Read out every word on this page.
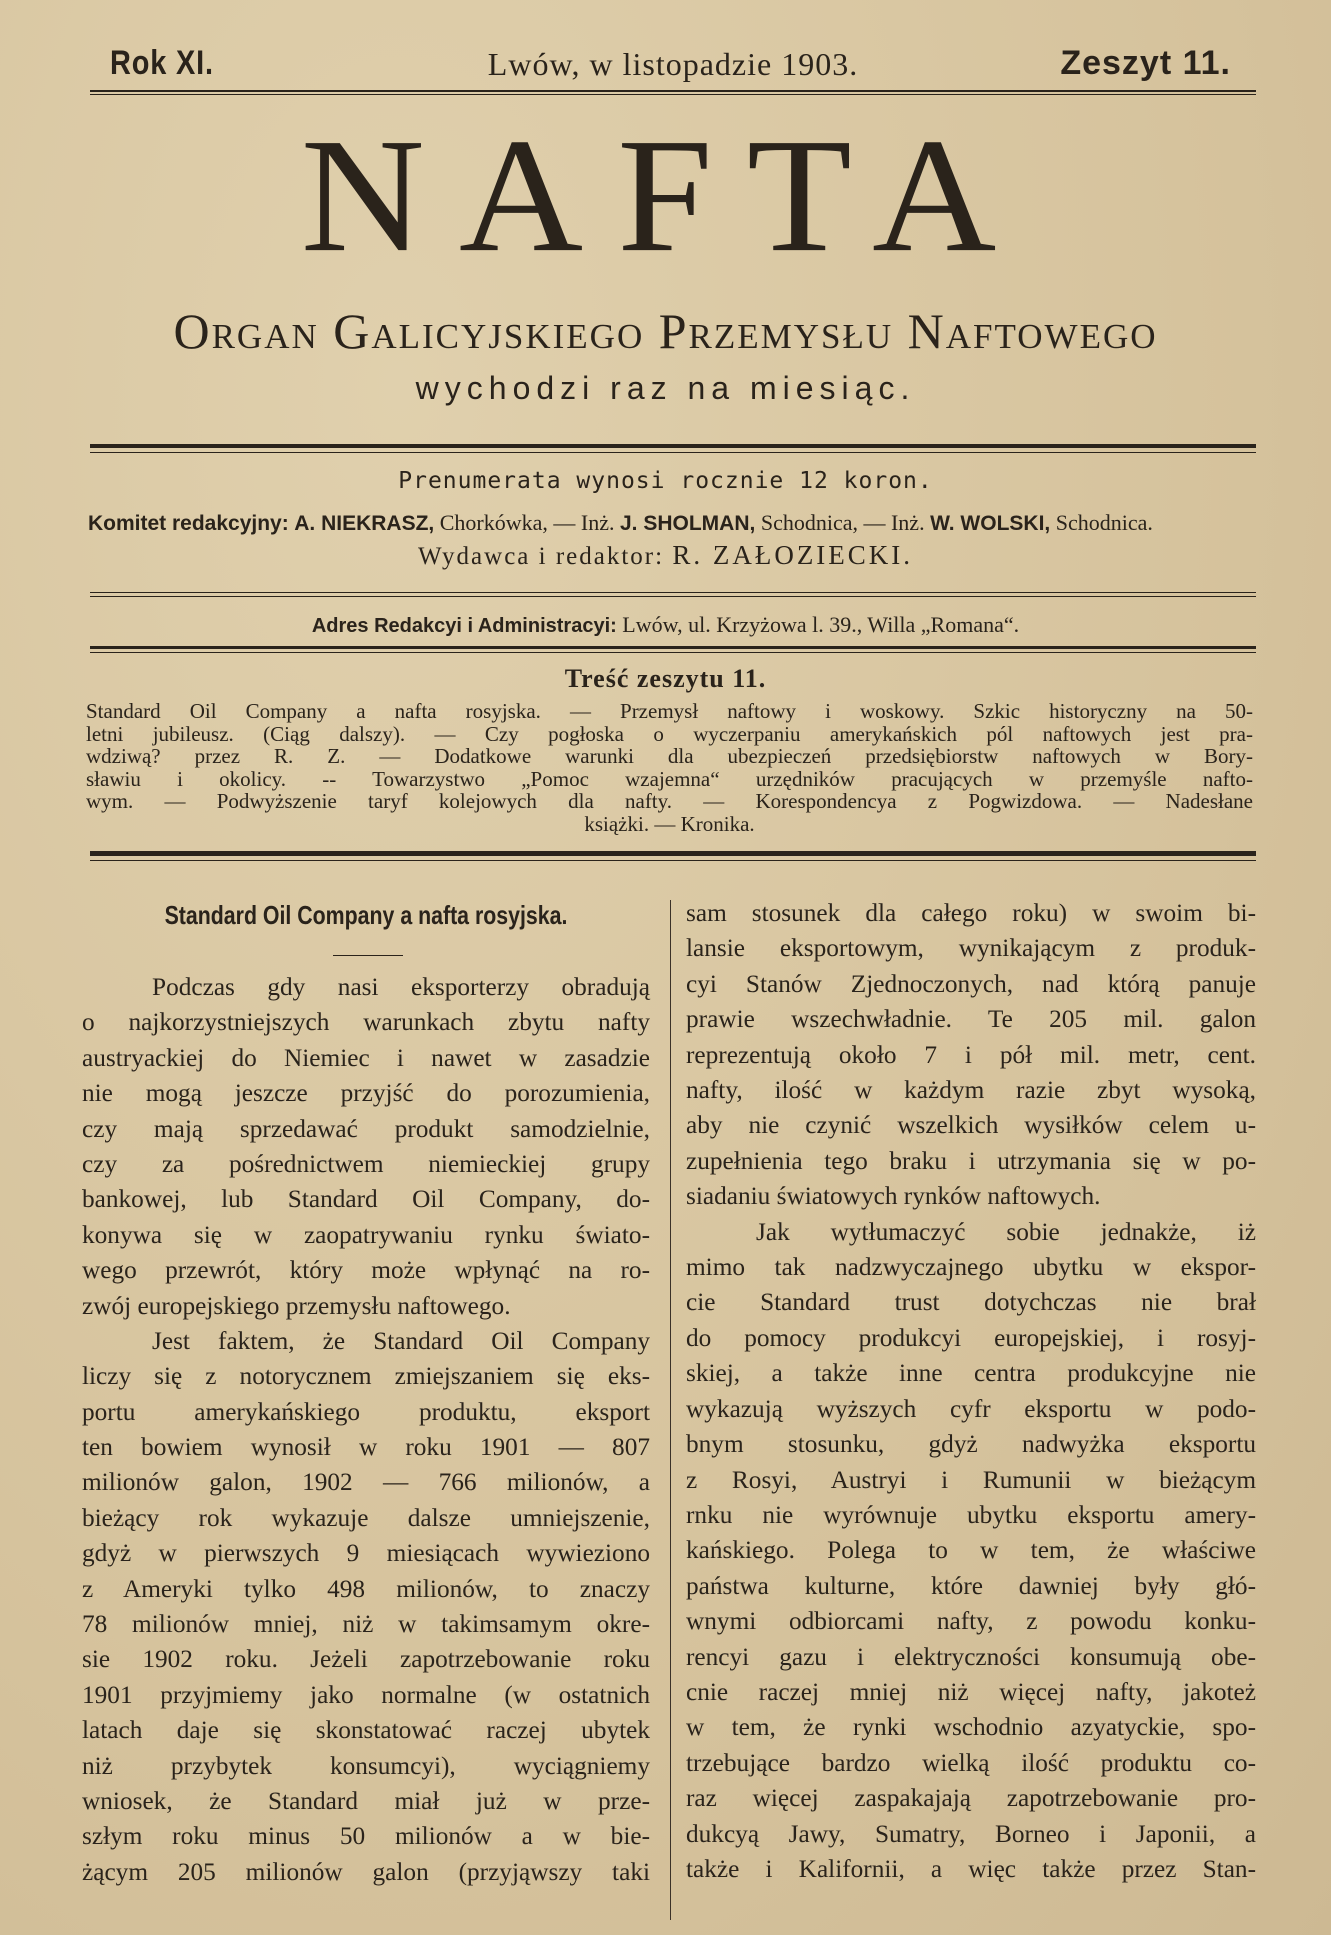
Rok XI.	Lwów, w listopadzie 1903.	Zeszyt 11.
NAFTA
Organ Galicyjskiego Przemysłu Naftowego
wychodzi raz na miesiąc.
Prenumerata wynosi rocznie 12 koron.
Komitet redakcyjny: A. NIEKRASZ, Chorkówka, — Inż. J. SHOLMAN, Schodnica, — Inż. W. WOLSKI, Schodnica.
Wydawca i redaktor: R. ZAŁOZIECKI.
Adres Redakcyi i Administracyi: Lwów, ul. Krzyżowa l. 39., Willa „Romana“.
Treść zeszytu 11.
Standard Oil Company a nafta rosyjska. — Przemysł naftowy i woskowy. Szkic historyczny na 50-
letni jubileusz. (Ciąg dalszy). — Czy pogłoska o wyczerpaniu amerykańskich pól naftowych jest pra-
wdziwą? przez R. Z. — Dodatkowe warunki dla ubezpieczeń przedsiębiorstw naftowych w Bory-
sławiu i okolicy. -- Towarzystwo „Pomoc wzajemna“ urzędników pracujących w przemyśle nafto-
wym. — Podwyższenie taryf kolejowych dla nafty. — Korespondencya z Pogwizdowa. — Nadesłane
książki. — Kronika.
Standard Oil Company a nafta rosyjska.
Podczas gdy nasi eksporterzy obradują
o najkorzystniejszych warunkach zbytu nafty
austryackiej do Niemiec i nawet w zasadzie
nie mogą jeszcze przyjść do porozumienia,
czy mają sprzedawać produkt samodzielnie,
czy za pośrednictwem niemieckiej grupy
bankowej, lub Standard Oil Company, do-
konywa się w zaopatrywaniu rynku świato-
wego przewrót, który może wpłynąć na ro-
zwój europejskiego przemysłu naftowego.
Jest faktem, że Standard Oil Company
liczy się z notorycznem zmiejszaniem się eks-
portu amerykańskiego produktu, eksport
ten bowiem wynosił w roku 1901 — 807
milionów galon, 1902 — 766 milionów, a
bieżący rok wykazuje dalsze umniejszenie,
gdyż w pierwszych 9 miesiącach wywieziono
z Ameryki tylko 498 milionów, to znaczy
78 milionów mniej, niż w takimsamym okre-
sie 1902 roku. Jeżeli zapotrzebowanie roku
1901 przyjmiemy jako normalne (w ostatnich
latach daje się skonstatować raczej ubytek
niż przybytek konsumcyi), wyciągniemy
wniosek, że Standard miał już w prze-
szłym roku minus 50 milionów a w bie-
żącym 205 milionów galon (przyjąwszy taki
sam stosunek dla całego roku) w swoim bi-
lansie eksportowym, wynikającym z produk-
cyi Stanów Zjednoczonych, nad którą panuje
prawie wszechwładnie. Te 205 mil. galon
reprezentują około 7 i pół mil. metr, cent.
nafty, ilość w każdym razie zbyt wysoką,
aby nie czynić wszelkich wysiłków celem u-
zupełnienia tego braku i utrzymania się w po-
siadaniu światowych rynków naftowych.
Jak wytłumaczyć sobie jednakże, iż
mimo tak nadzwyczajnego ubytku w ekspor-
cie Standard trust dotychczas nie brał
do pomocy produkcyi europejskiej, i rosyj-
skiej, a także inne centra produkcyjne nie
wykazują wyższych cyfr eksportu w podo-
bnym stosunku, gdyż nadwyżka eksportu
z Rosyi, Austryi i Rumunii w bieżącym
rnku nie wyrównuje ubytku eksportu amery-
kańskiego. Polega to w tem, że właściwe
państwa kulturne, które dawniej były głó-
wnymi odbiorcami nafty, z powodu konku-
rencyi gazu i elektryczności konsumują obe-
cnie raczej mniej niż więcej nafty, jakoteż
w tem, że rynki wschodnio azyatyckie, spo-
trzebujące bardzo wielką ilość produktu co-
raz więcej zaspakajają zapotrzebowanie pro-
dukcyą Jawy, Sumatry, Borneo i Japonii, a
także i Kalifornii, a więc także przez Stan-
